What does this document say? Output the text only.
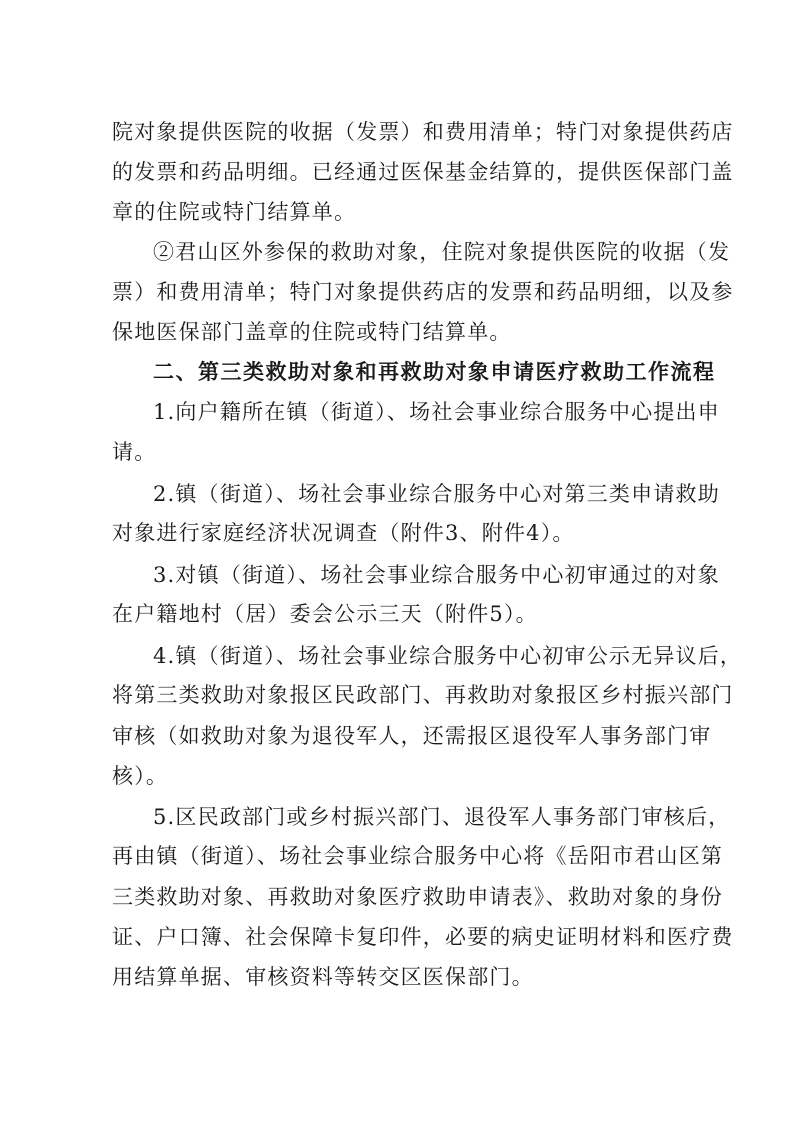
院对象提供医院的收据（发票）和费用清单；特门对象提供药店
的发票和药品明细。已经通过医保基金结算的，提供医保部门盖
章的住院或特门结算单。
②君山区外参保的救助对象，住院对象提供医院的收据（发
票）和费用清单；特门对象提供药店的发票和药品明细，以及参
保地医保部门盖章的住院或特门结算单。
二、第三类救助对象和再救助对象申请医疗救助工作流程
1.向户籍所在镇（街道）、场社会事业综合服务中心提出申
请。
2.镇（街道）、场社会事业综合服务中心对第三类申请救助
对象进行家庭经济状况调查（附件3、附件4）。
3.对镇（街道）、场社会事业综合服务中心初审通过的对象
在户籍地村（居）委会公示三天（附件5）。
4.镇（街道）、场社会事业综合服务中心初审公示无异议后，
将第三类救助对象报区民政部门、再救助对象报区乡村振兴部门
审核（如救助对象为退役军人，还需报区退役军人事务部门审
核）。
5.区民政部门或乡村振兴部门、退役军人事务部门审核后，
再由镇（街道）、场社会事业综合服务中心将《岳阳市君山区第
三类救助对象、再救助对象医疗救助申请表》、救助对象的身份
证、户口簿、社会保障卡复印件，必要的病史证明材料和医疗费
用结算单据、审核资料等转交区医保部门。
